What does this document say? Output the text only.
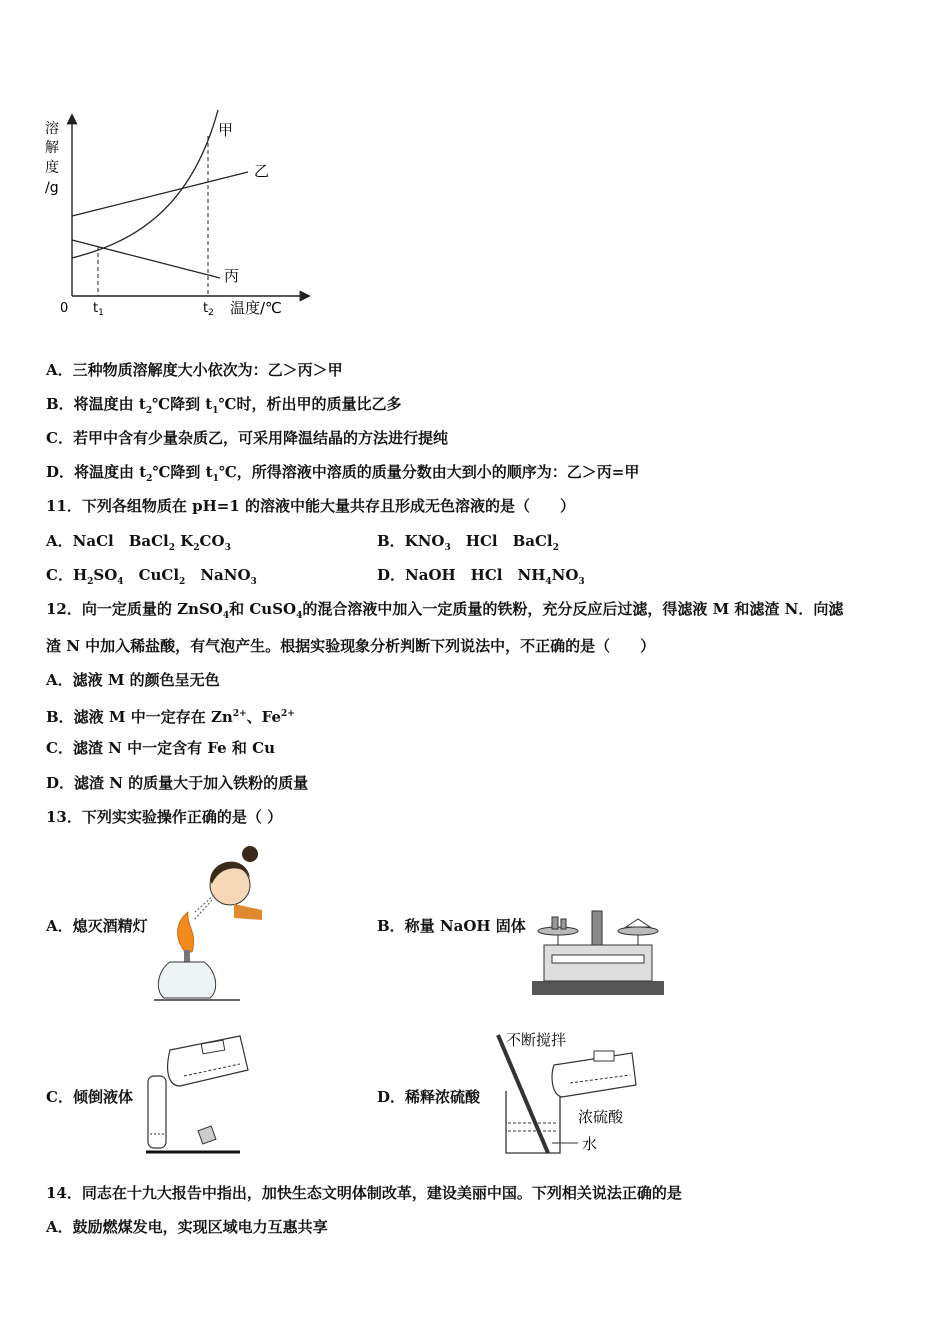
溶
解
度
/g
0 $t_1$	$t_2$ 温度/℃
甲
乙
丙
A．三种物质溶解度大小依次为：乙＞丙＞甲
B．将温度由 $t_2℃$降到 $t_1℃$时，析出甲的质量比乙多
C．若甲中含有少量杂质乙，可采用降温结晶的方法进行提纯
D．将温度由 $t_2℃$降到 $t_1℃$，所得溶液中溶质的质量分数由大到小的顺序为：乙＞丙=甲
11．下列各组物质在 pH=1 的溶液中能大量共存且形成无色溶液的是（　　）
A．NaCl　BaCl$_2$ $K_2CO_3$	B．$KNO_3$　HCl　BaCl$_2$
C．$H_2SO_4$　CuCl$_2$　NaNO$_3$	D．NaOH　HCl　$NH_4NO_3$
12．向一定质量的 ZnSO$_4$和 CuSO$_4$的混合溶液中加入一定质量的铁粉，充分反应后过滤，得滤液 M 和滤渣 N．向滤
渣 N 中加入稀盐酸，有气泡产生。根据实验现象分析判断下列说法中，不正确的是（　　）
A．滤液 M 的颜色呈无色
B．滤液 M 中一定存在 $Zn^{2+}$、$Fe^{2+}$
C．滤渣 N 中一定含有 Fe 和 Cu
D．滤渣 N 的质量大于加入铁粉的质量
13．下列实实验操作正确的是（ ）
A．熄灭酒精灯	B．称量 NaOH 固体
C．倾倒液体	D．稀释浓硫酸
不断搅拌
浓硫酸
水
14．同志在十九大报告中指出，加快生态文明体制改革，建设美丽中国。下列相关说法正确的是
A．鼓励燃煤发电，实现区域电力互惠共享
